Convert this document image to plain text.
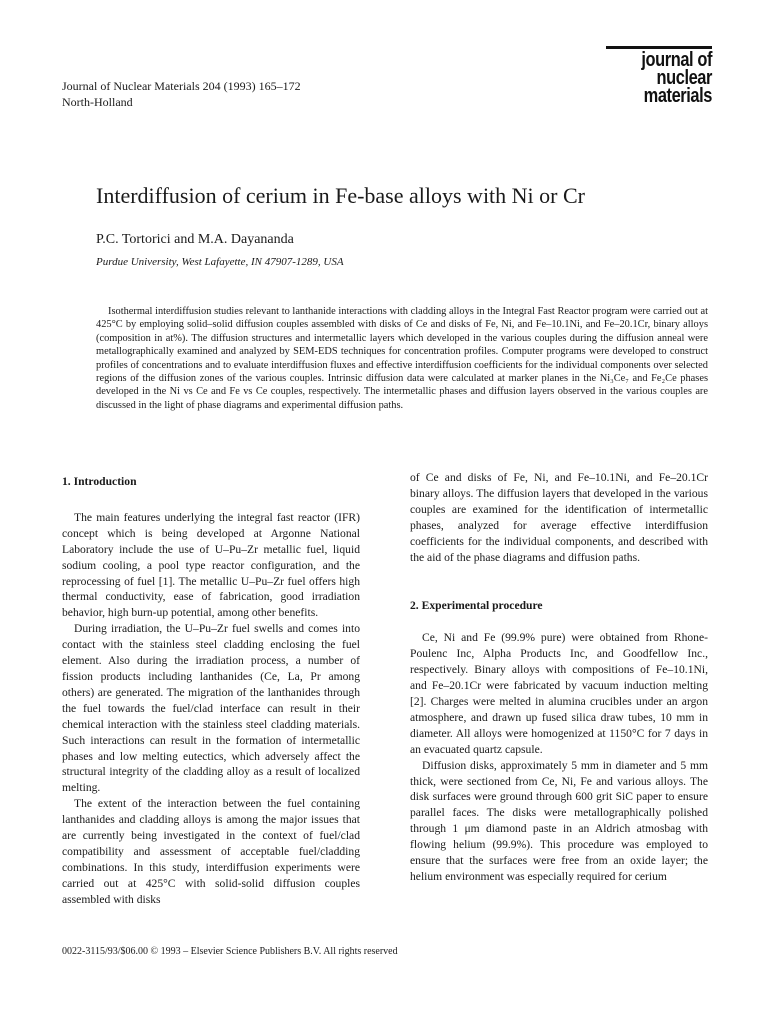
Journal of Nuclear Materials 204 (1993) 165–172
North-Holland
journal of
nuclear
materials
Interdiffusion of cerium in Fe-base alloys with Ni or Cr
P.C. Tortorici and M.A. Dayananda
Purdue University, West Lafayette, IN 47907-1289, USA

Isothermal interdiffusion studies relevant to lanthanide interactions with cladding alloys in the Integral Fast Reactor program were carried out at 425°C by employing solid–solid diffusion couples assembled with disks of Ce and disks of Fe, Ni, and Fe–10.1Ni, and Fe–20.1Cr, binary alloys (composition in at%). The diffusion structures and intermetallic layers which developed in the various couples during the diffusion anneal were metallographically examined and analyzed by SEM-EDS techniques for concentration profiles. Computer programs were developed to construct profiles of concentrations and to evaluate interdiffusion fluxes and effective interdiffusion coefficients for the individual components over selected regions of the diffusion zones of the various couples. Intrinsic diffusion data were calculated at marker planes in the Ni₃Ce₇ and Fe₂Ce phases developed in the Ni vs Ce and Fe vs Ce couples, respectively. The intermetallic phases and diffusion layers observed in the various couples are discussed in the light of phase diagrams and experimental diffusion paths.

1. Introduction

The main features underlying the integral fast reactor (IFR) concept which is being developed at Argonne National Laboratory include the use of U–Pu–Zr metallic fuel, liquid sodium cooling, a pool type reactor configuration, and the reprocessing of fuel [1]. The metallic U–Pu–Zr fuel offers high thermal conductivity, ease of fabrication, good irradiation behavior, high burn-up potential, among other benefits.

During irradiation, the U–Pu–Zr fuel swells and comes into contact with the stainless steel cladding enclosing the fuel element. Also during the irradiation process, a number of fission products including lanthanides (Ce, La, Pr among others) are generated. The migration of the lanthanides through the fuel towards the fuel/clad interface can result in their chemical interaction with the stainless steel cladding materials. Such interactions can result in the formation of intermetallic phases and low melting eutectics, which adversely affect the structural integrity of the cladding alloy as a result of localized melting.

The extent of the interaction between the fuel containing lanthanides and cladding alloys is among the major issues that are currently being investigated in the context of fuel/clad compatibility and assessment of acceptable fuel/cladding combinations. In this study, interdiffusion experiments were carried out at 425°C with solid-solid diffusion couples assembled with disks

of Ce and disks of Fe, Ni, and Fe–10.1Ni, and Fe–20.1Cr binary alloys. The diffusion layers that developed in the various couples are examined for the identification of intermetallic phases, analyzed for average effective interdiffusion coefficients for the individual components, and described with the aid of the phase diagrams and diffusion paths.

2. Experimental procedure

Ce, Ni and Fe (99.9% pure) were obtained from Rhone-Poulenc Inc, Alpha Products Inc, and Goodfellow Inc., respectively. Binary alloys with compositions of Fe–10.1Ni, and Fe–20.1Cr were fabricated by vacuum induction melting [2]. Charges were melted in alumina crucibles under an argon atmosphere, and drawn up fused silica draw tubes, 10 mm in diameter. All alloys were homogenized at 1150°C for 7 days in an evacuated quartz capsule.

Diffusion disks, approximately 5 mm in diameter and 5 mm thick, were sectioned from Ce, Ni, Fe and various alloys. The disk surfaces were ground through 600 grit SiC paper to ensure parallel faces. The disks were metallographically polished through 1 μm diamond paste in an Aldrich atmosbag with flowing helium (99.9%). This procedure was employed to ensure that the surfaces were free from an oxide layer; the helium environment was especially required for cerium

0022-3115/93/$06.00 © 1993 – Elsevier Science Publishers B.V. All rights reserved
